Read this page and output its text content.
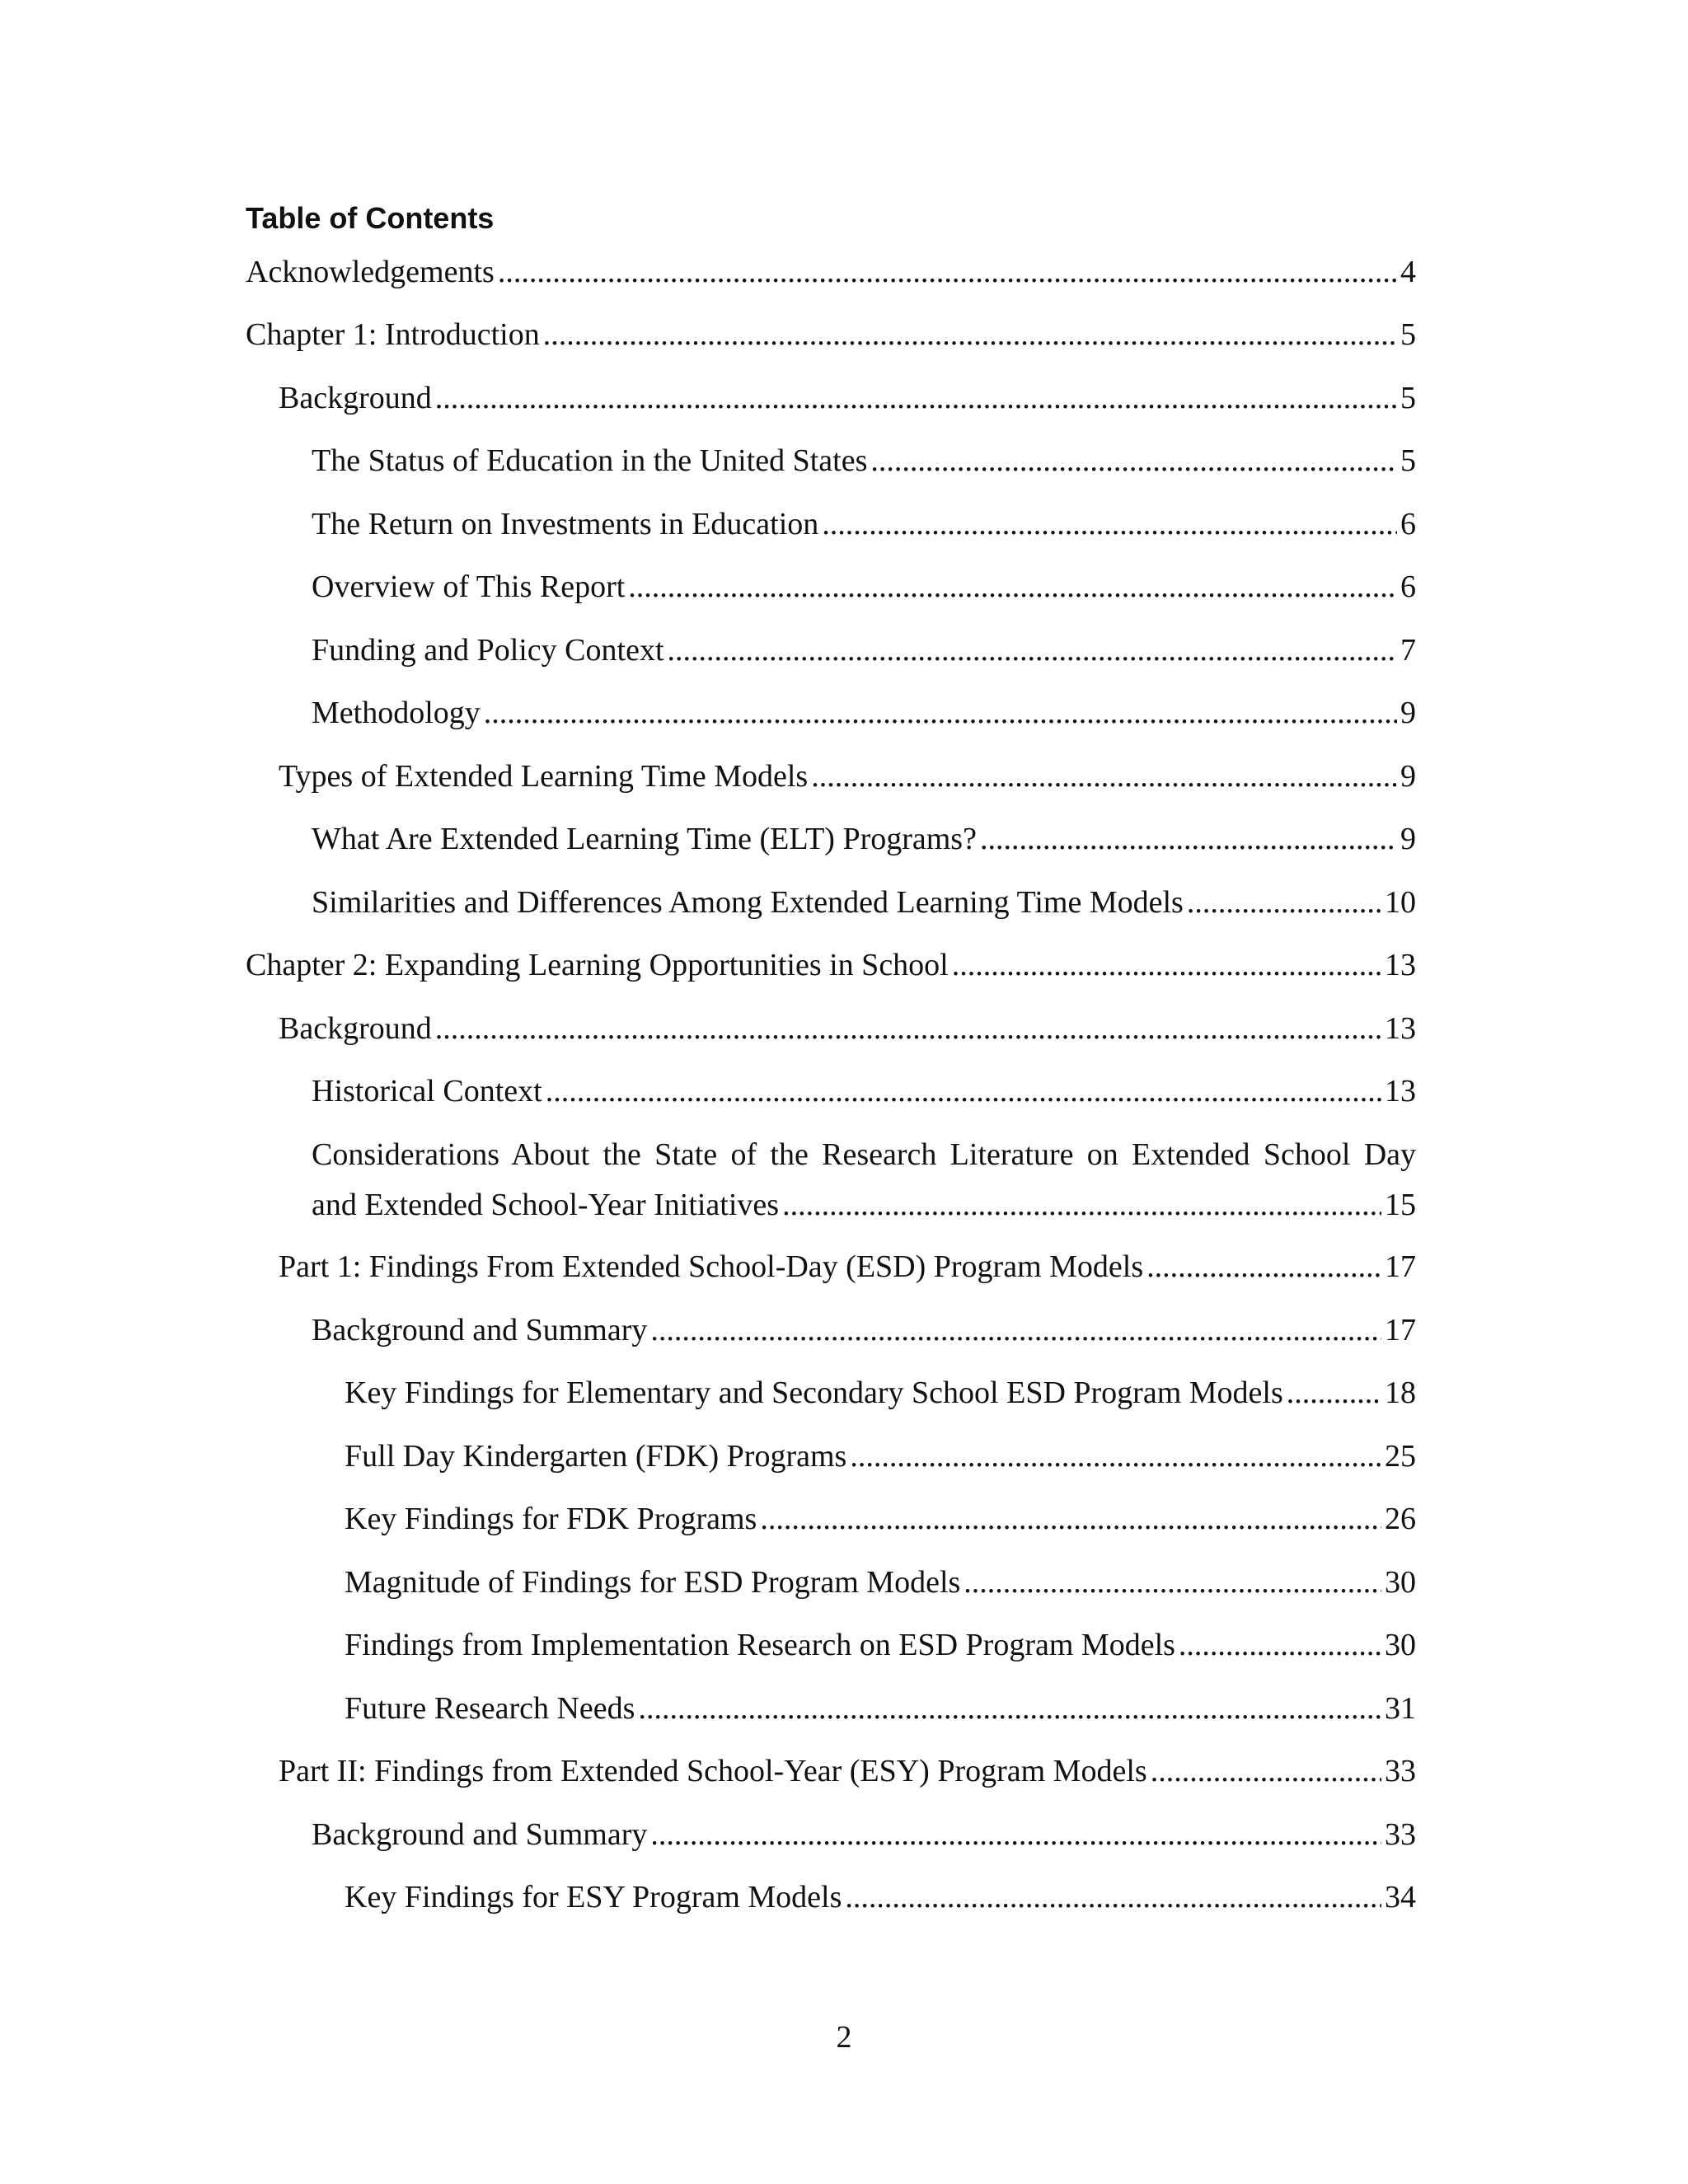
Table of Contents
Acknowledgements .....	4
Chapter 1: Introduction .....	5
Background .....	5
The Status of Education in the United States .....	5
The Return on Investments in Education .....	6
Overview of This Report .....	6
Funding and Policy Context .....	7
Methodology .....	9
Types of Extended Learning Time Models .....	9
What Are Extended Learning Time (ELT) Programs? .....	9
Similarities and Differences Among Extended Learning Time Models .....	10
Chapter 2: Expanding Learning Opportunities in School .....	13
Background .....	13
Historical Context .....	13
Considerations About the State of the Research Literature on Extended School Day
and Extended School-Year Initiatives .....	15
Part 1: Findings From Extended School-Day (ESD) Program Models .....	17
Background and Summary .....	17
Key Findings for Elementary and Secondary School ESD Program Models .....	18
Full Day Kindergarten (FDK) Programs .....	25
Key Findings for FDK Programs .....	26
Magnitude of Findings for ESD Program Models .....	30
Findings from Implementation Research on ESD Program Models .....	30
Future Research Needs .....	31
Part II: Findings from Extended School-Year (ESY) Program Models .....	33
Background and Summary .....	33
Key Findings for ESY Program Models .....	34
2
